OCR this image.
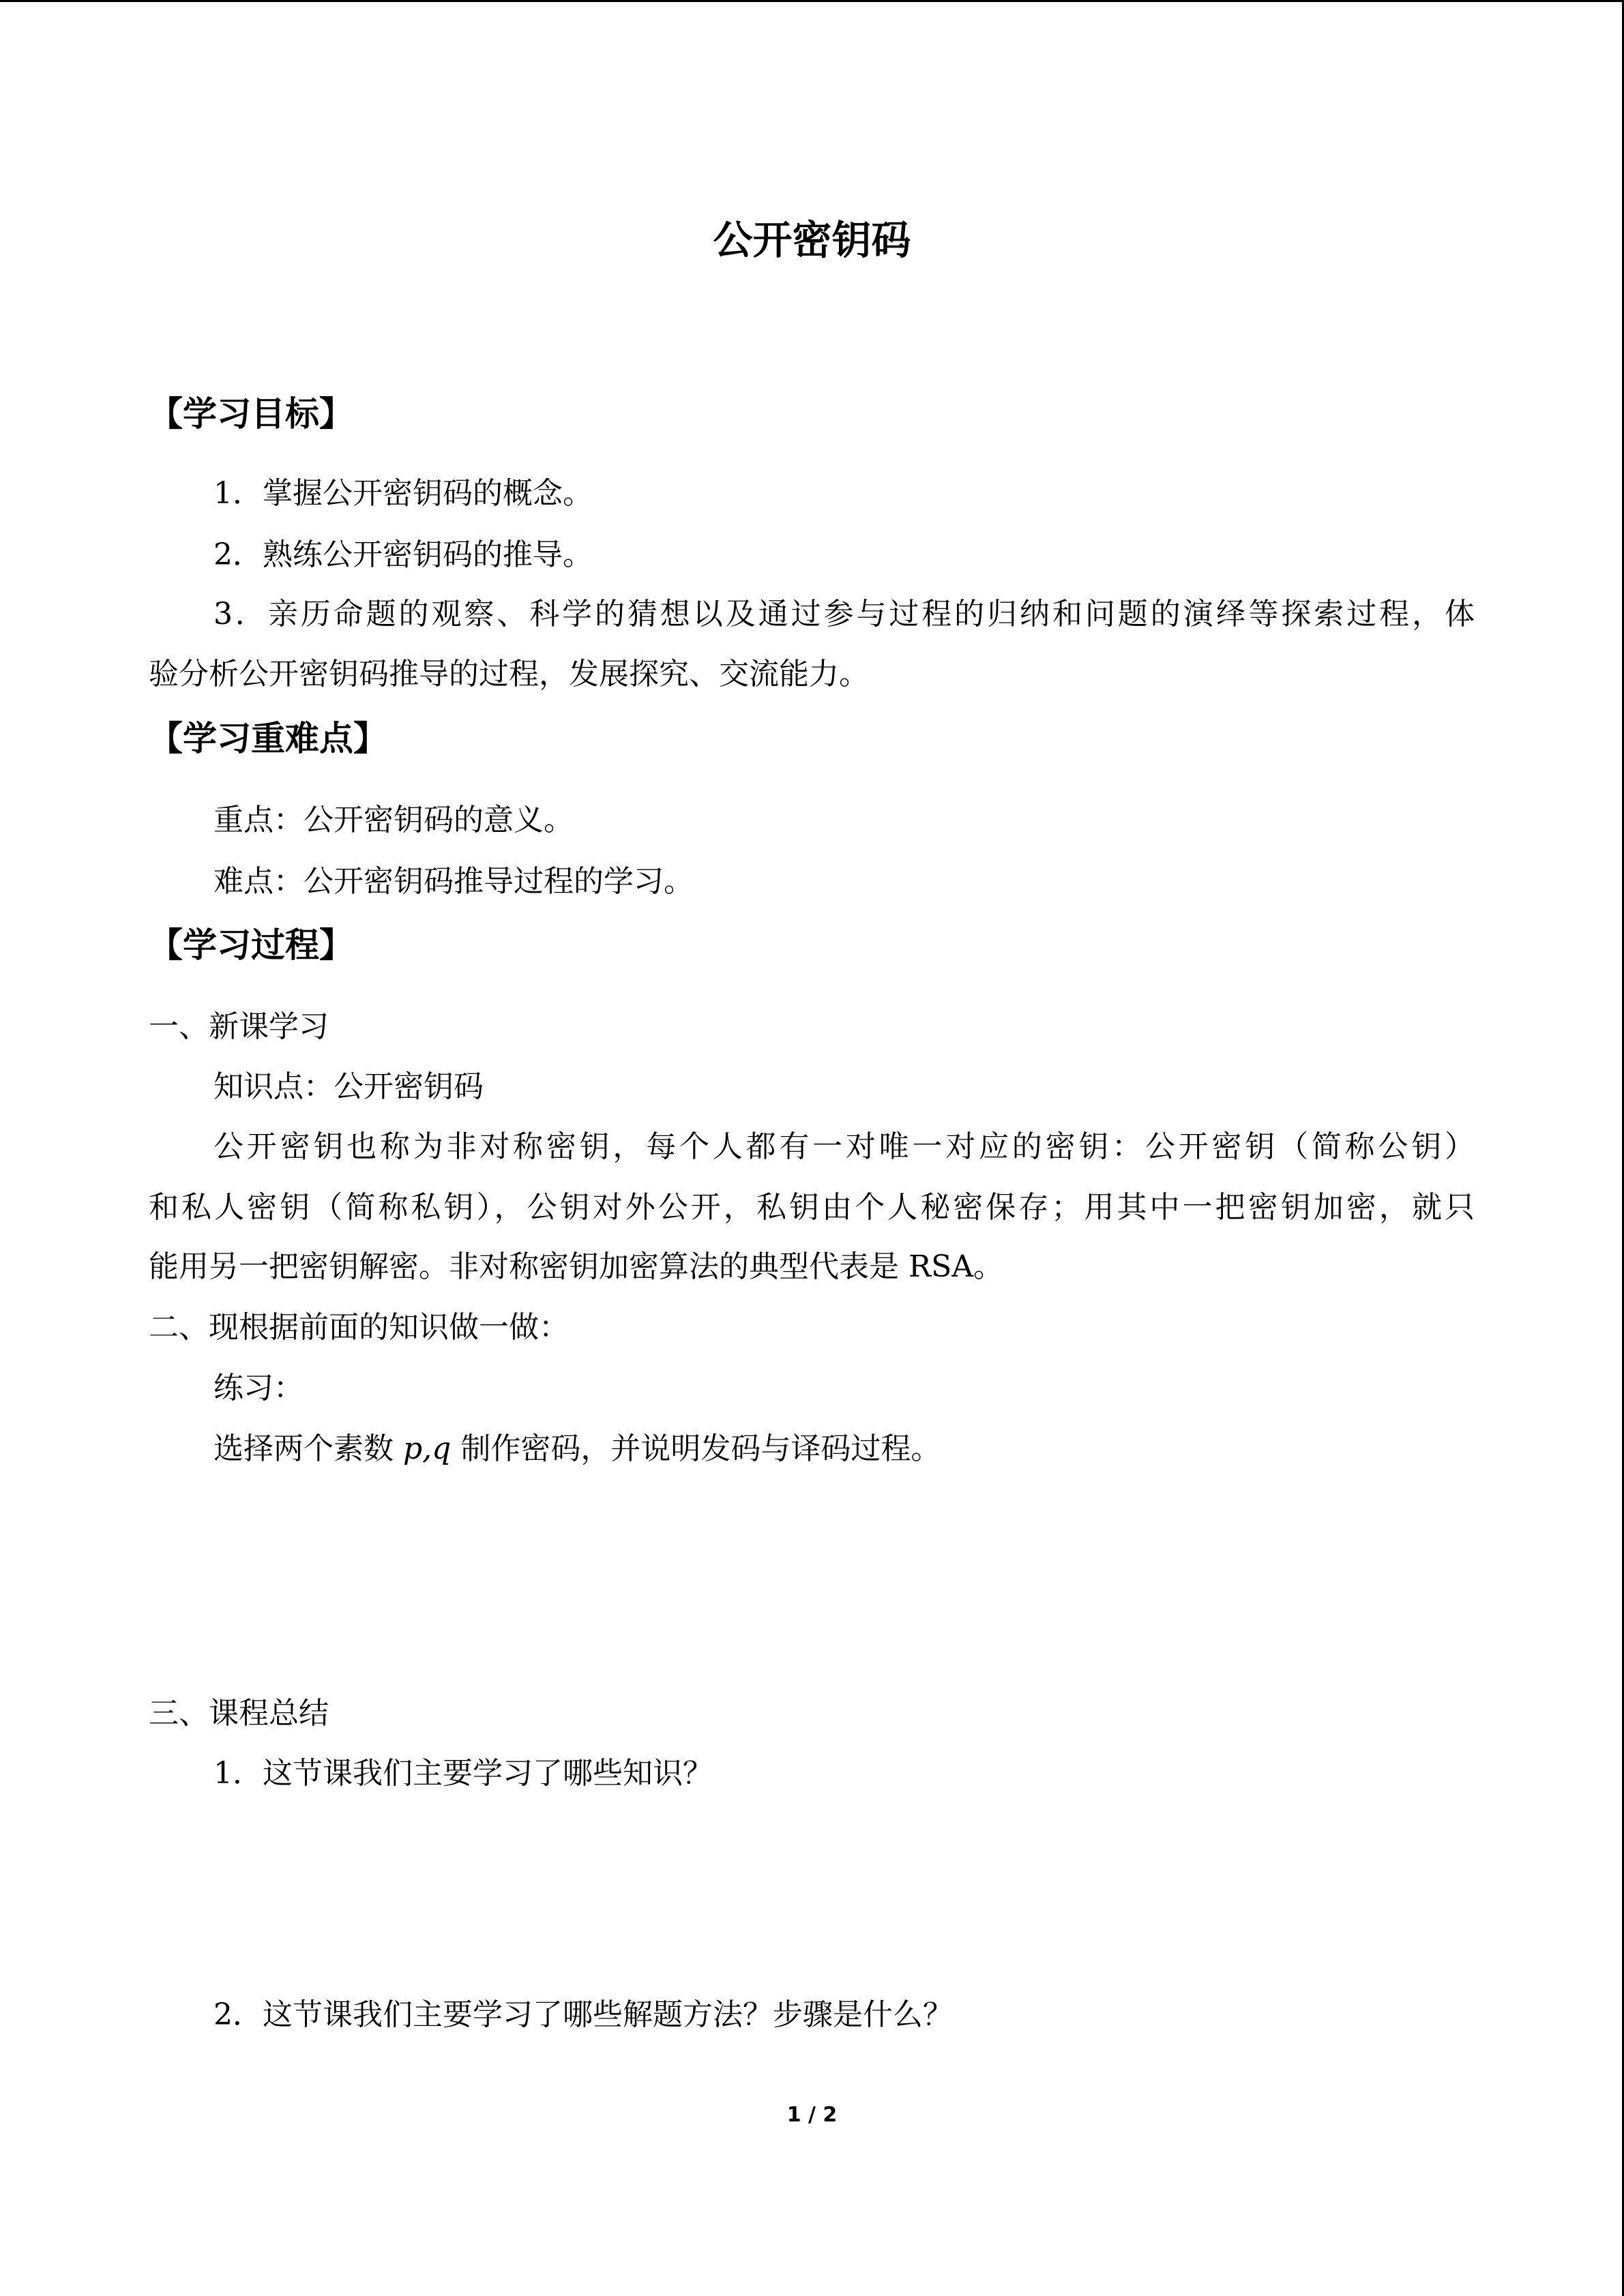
公开密钥码
【学习目标】
1．掌握公开密钥码的概念。
2．熟练公开密钥码的推导。
3．亲历命题的观察、科学的猜想以及通过参与过程的归纳和问题的演绎等探索过程，体
验分析公开密钥码推导的过程，发展探究、交流能力。
【学习重难点】
重点：公开密钥码的意义。
难点：公开密钥码推导过程的学习。
【学习过程】
一、新课学习
知识点：公开密钥码
公开密钥也称为非对称密钥，每个人都有一对唯一对应的密钥：公开密钥（简称公钥）
和私人密钥（简称私钥），公钥对外公开，私钥由个人秘密保存；用其中一把密钥加密，就只
能用另一把密钥解密。非对称密钥加密算法的典型代表是 RSA。
二、现根据前面的知识做一做：
练习：
选择两个素数 p,q 制作密码，并说明发码与译码过程。
三、课程总结
1．这节课我们主要学习了哪些知识？
2．这节课我们主要学习了哪些解题方法？步骤是什么？
1 / 2
